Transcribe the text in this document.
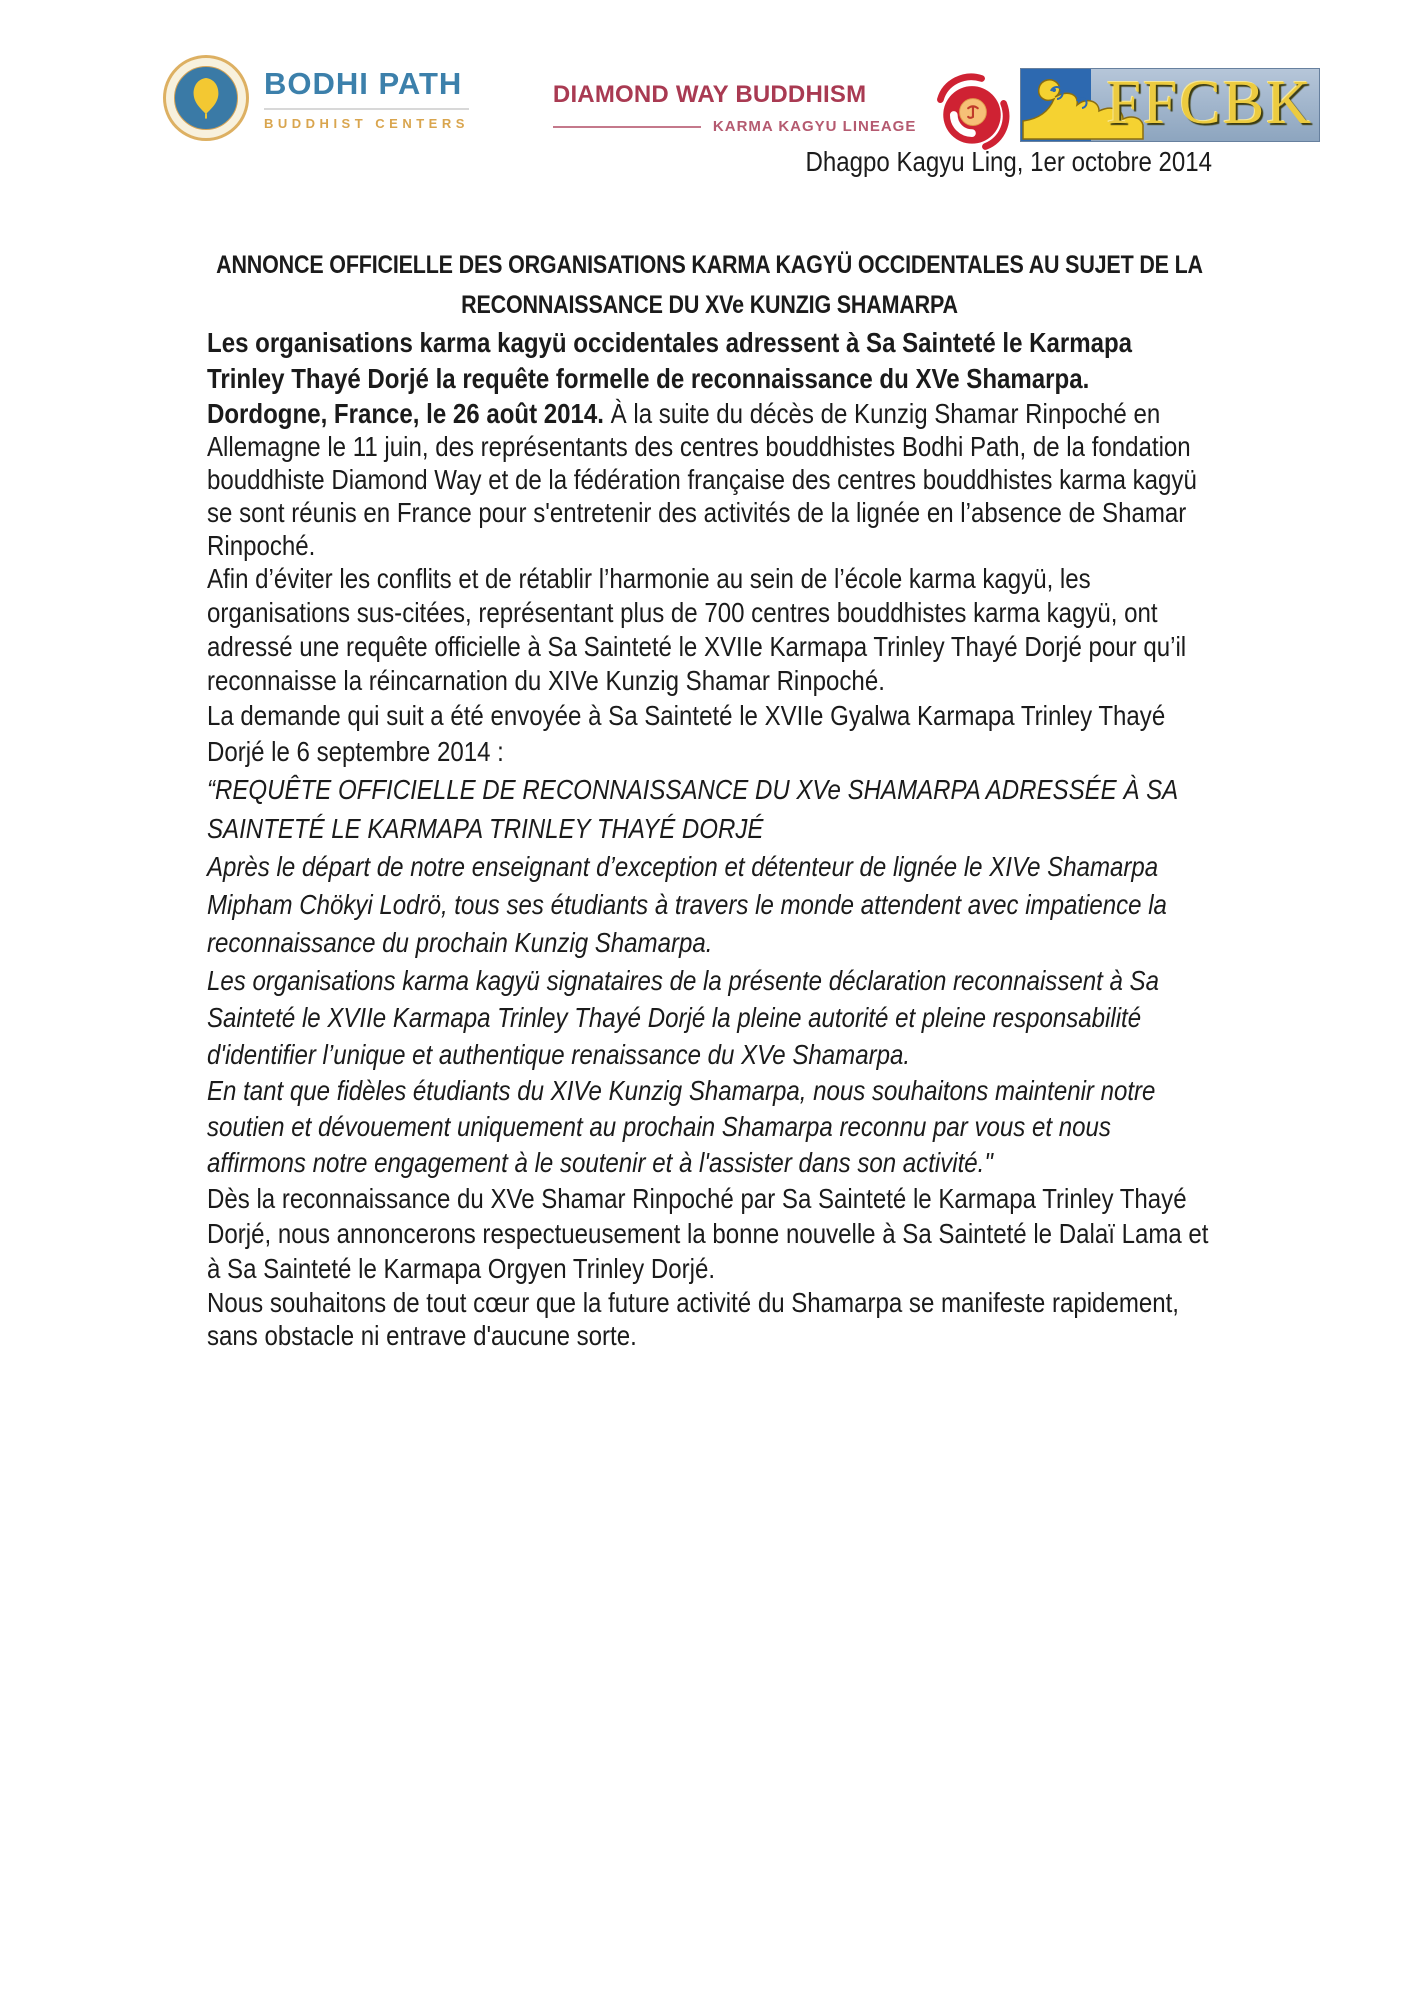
BODHI PATH
BUDDHIST CENTERS
DIAMOND WAY BUDDHISM
KARMA KAGYU LINEAGE	FFCBK

Dhagpo Kagyu Ling, 1er octobre 2014

ANNONCE OFFICIELLE DES ORGANISATIONS KARMA KAGYÜ OCCIDENTALES AU SUJET DE LA
RECONNAISSANCE DU XVe KUNZIG SHAMARPA

Les organisations karma kagyü occidentales adressent à Sa Sainteté le Karmapa Trinley Thayé Dorjé la requête formelle de reconnaissance du XVe Shamarpa.

Dordogne, France, le 26 août 2014. À la suite du décès de Kunzig Shamar Rinpoché en Allemagne le 11 juin, des représentants des centres bouddhistes Bodhi Path, de la fondation bouddhiste Diamond Way et de la fédération française des centres bouddhistes karma kagyü se sont réunis en France pour s'entretenir des activités de la lignée en l’absence de Shamar Rinpoché.

Afin d’éviter les conflits et de rétablir l’harmonie au sein de l’école karma kagyü, les organisations sus-citées, représentant plus de 700 centres bouddhistes karma kagyü, ont adressé une requête officielle à Sa Sainteté le XVIIe Karmapa Trinley Thayé Dorjé pour qu’il reconnaisse la réincarnation du XIVe Kunzig Shamar Rinpoché.

La demande qui suit a été envoyée à Sa Sainteté le XVIIe Gyalwa Karmapa Trinley Thayé Dorjé le 6 septembre 2014 :

“REQUÊTE OFFICIELLE DE RECONNAISSANCE DU XVe SHAMARPA ADRESSÉE À SA SAINTETÉ LE KARMAPA TRINLEY THAYÉ DORJÉ

Après le départ de notre enseignant d’exception et détenteur de lignée le XIVe Shamarpa Mipham Chökyi Lodrö, tous ses étudiants à travers le monde attendent avec impatience la reconnaissance du prochain Kunzig Shamarpa.

Les organisations karma kagyü signataires de la présente déclaration reconnaissent à Sa Sainteté le XVIIe Karmapa Trinley Thayé Dorjé la pleine autorité et pleine responsabilité d'identifier l’unique et authentique renaissance du XVe Shamarpa.

En tant que fidèles étudiants du XIVe Kunzig Shamarpa, nous souhaitons maintenir notre soutien et dévouement uniquement au prochain Shamarpa reconnu par vous et nous affirmons notre engagement à le soutenir et à l'assister dans son activité."

Dès la reconnaissance du XVe Shamar Rinpoché par Sa Sainteté le Karmapa Trinley Thayé Dorjé, nous annoncerons respectueusement la bonne nouvelle à Sa Sainteté le Dalaï Lama et à Sa Sainteté le Karmapa Orgyen Trinley Dorjé.

Nous souhaitons de tout cœur que la future activité du Shamarpa se manifeste rapidement, sans obstacle ni entrave d'aucune sorte.
